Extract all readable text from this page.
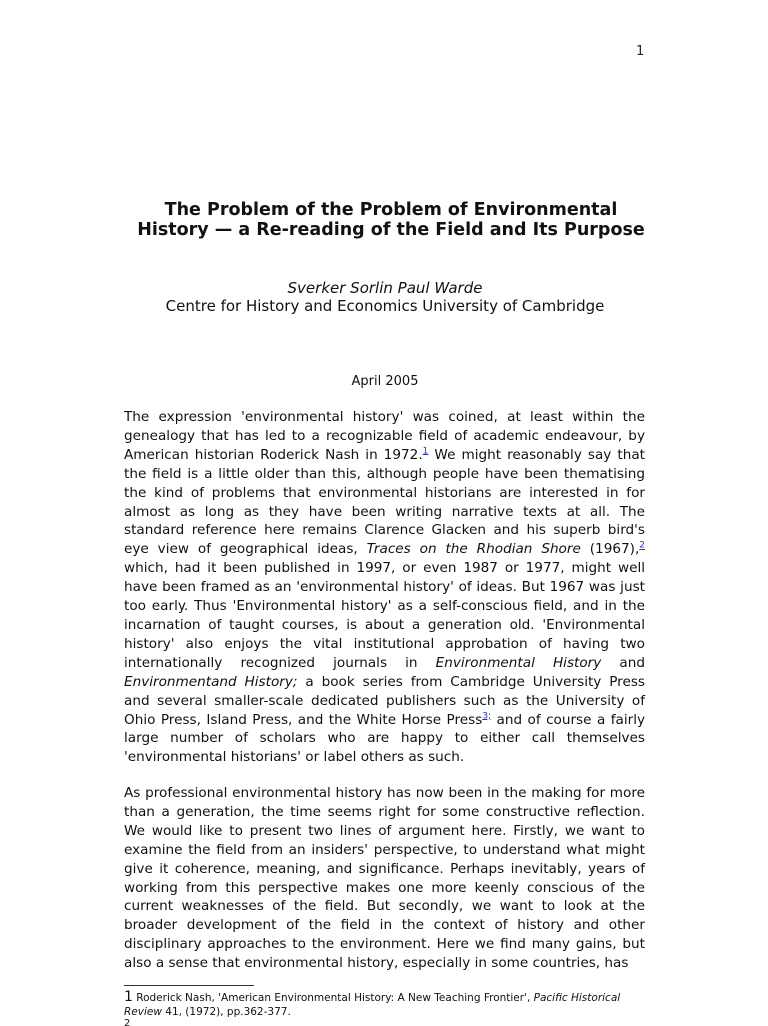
1
The Problem of the Problem of Environmental History — a Re-reading of the Field and Its Purpose
Sverker Sorlin Paul Warde
Centre for History and Economics University of Cambridge
April 2005

The expression 'environmental history' was coined, at least within the genealogy that has led to a recognizable field of academic endeavour, by American historian Roderick Nash in 1972.$^1$ We might reasonably say that the field is a little older than this, although people have been thematising the kind of problems that environmental historians are interested in for almost as long as they have been writing narrative texts at all. The standard reference here remains Clarence Glacken and his superb bird's eye view of geographical ideas, Traces on the Rhodian Shore (1967),$^2$ which, had it been published in 1997, or even 1987 or 1977, might well have been framed as an 'environmental history' of ideas. But 1967 was just too early. Thus 'Environmental history' as a self-conscious field, and in the incarnation of taught courses, is about a generation old. 'Environmental history' also enjoys the vital institutional approbation of having two internationally recognized journals in Environmental History and Environmentand History; a book series from Cambridge University Press and several smaller-scale dedicated publishers such as the University of Ohio Press, Island Press, and the White Horse Press$^{3;}$ and of course a fairly large number of scholars who are happy to either call themselves 'environmental historians' or label others as such.

As professional environmental history has now been in the making for more than a generation, the time seems right for some constructive reflection. We would like to present two lines of argument here. Firstly, we want to examine the field from an insiders' perspective, to understand what might give it coherence, meaning, and significance. Perhaps inevitably, years of working from this perspective makes one more keenly conscious of the current weaknesses of the field. But secondly, we want to look at the broader development of the field in the context of history and other disciplinary approaches to the environment. Here we find many gains, but also a sense that environmental history, especially in some countries, has

1 Roderick Nash, 'American Environmental History: A New Teaching Frontier', Pacific Historical Review 41, (1972), pp.362-377.
2
